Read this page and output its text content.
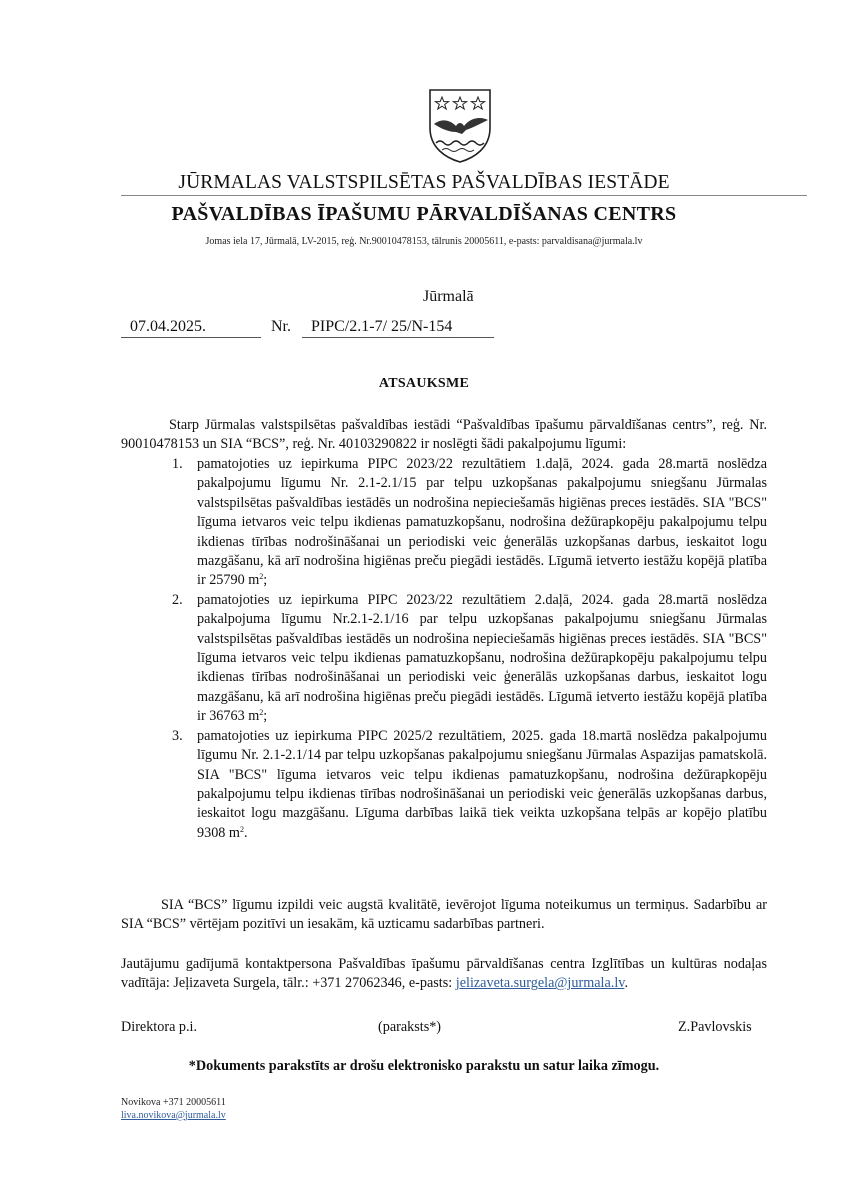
JŪRMALAS VALSTSPILSĒTAS PAŠVALDĪBAS IESTĀDE
PAŠVALDĪBAS ĪPAŠUMU PĀRVALDĪŠANAS CENTRS
Jomas iela 17, Jūrmalā, LV-2015, reģ. Nr.90010478153, tālrunis 20005611, e-pasts: parvaldisana@jurmala.lv
Jūrmalā
07.04.2025.	Nr.	PIPC/2.1-7/ 25/N-154
ATSAUKSME
Starp Jūrmalas valstspilsētas pašvaldības iestādi “Pašvaldības īpašumu pārvaldīšanas centrs”, reģ. Nr. 90010478153 un SIA “BCS”, reģ. Nr. 40103290822 ir noslēgti šādi pakalpojumu līgumi:
1. pamatojoties uz iepirkuma PIPC 2023/22 rezultātiem 1.daļā, 2024. gada 28.martā noslēdza pakalpojumu līgumu Nr. 2.1-2.1/15 par telpu uzkopšanas pakalpojumu sniegšanu Jūrmalas valstspilsētas pašvaldības iestādēs un nodrošina nepieciešamās higiēnas preces iestādēs. SIA "BCS" līguma ietvaros veic telpu ikdienas pamatuzkopšanu, nodrošina dežūrapkopēju pakalpojumu telpu ikdienas tīrības nodrošināšanai un periodiski veic ģenerālās uzkopšanas darbus, ieskaitot logu mazgāšanu, kā arī nodrošina higiēnas preču piegādi iestādēs. Līgumā ietverto iestāžu kopējā platība ir 25790 $m^2$;
2. pamatojoties uz iepirkuma PIPC 2023/22 rezultātiem 2.daļā, 2024. gada 28.martā noslēdza pakalpojuma līgumu Nr.2.1-2.1/16 par telpu uzkopšanas pakalpojumu sniegšanu Jūrmalas valstspilsētas pašvaldības iestādēs un nodrošina nepieciešamās higiēnas preces iestādēs. SIA "BCS" līguma ietvaros veic telpu ikdienas pamatuzkopšanu, nodrošina dežūrapkopēju pakalpojumu telpu ikdienas tīrības nodrošināšanai un periodiski veic ģenerālās uzkopšanas darbus, ieskaitot logu mazgāšanu, kā arī nodrošina higiēnas preču piegādi iestādēs. Līgumā ietverto iestāžu kopējā platība ir 36763 $m^2$;
3. pamatojoties uz iepirkuma PIPC 2025/2 rezultātiem, 2025. gada 18.martā noslēdza pakalpojumu līgumu Nr. 2.1-2.1/14 par telpu uzkopšanas pakalpojumu sniegšanu Jūrmalas Aspazijas pamatskolā. SIA "BCS" līguma ietvaros veic telpu ikdienas pamatuzkopšanu, nodrošina dežūrapkopēju pakalpojumu telpu ikdienas tīrības nodrošināšanai un periodiski veic ģenerālās uzkopšanas darbus, ieskaitot logu mazgāšanu. Līguma darbības laikā tiek veikta uzkopšana telpās ar kopējo platību 9308 $m^2$.
SIA “BCS” līgumu izpildi veic augstā kvalitātē, ievērojot līguma noteikumus un termiņus. Sadarbību ar SIA “BCS” vērtējam pozitīvi un iesakām, kā uzticamu sadarbības partneri.
Jautājumu gadījumā kontaktpersona Pašvaldības īpašumu pārvaldīšanas centra Izglītības un kultūras nodaļas vadītāja: Jeļizaveta Surgela, tālr.: +371 27062346, e-pasts: jelizaveta.surgela@jurmala.lv.
Direktora p.i.	(paraksts*)	Z.Pavlovskis
*Dokuments parakstīts ar drošu elektronisko parakstu un satur laika zīmogu.
Novikova +371 20005611
liva.novikova@jurmala.lv
